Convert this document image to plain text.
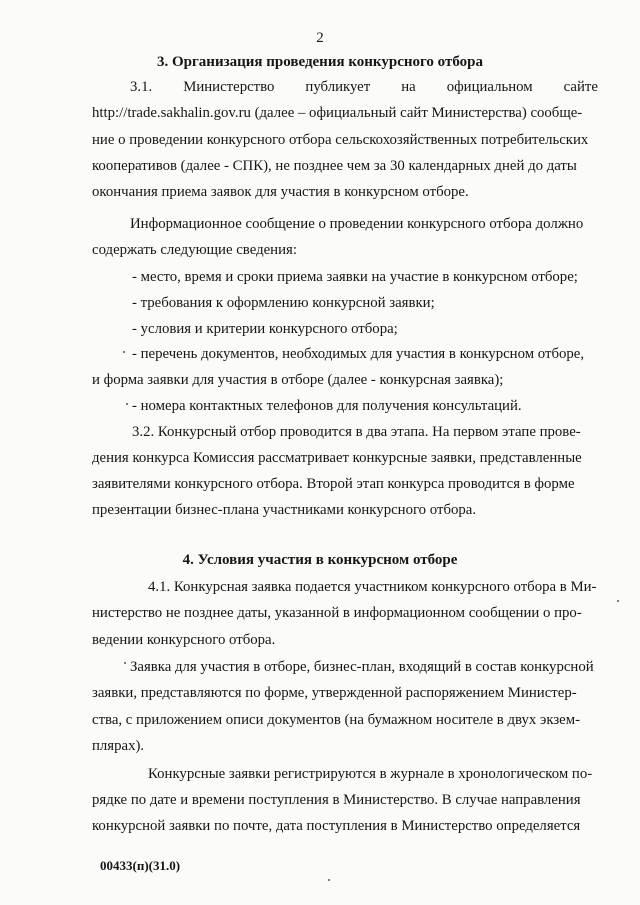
2
3. Организация проведения конкурсного отбора
3.1. Министерство публикует на официальном сайте
http://trade.sakhalin.gov.ru (далее – официальный сайт Министерства) сообще-
ние о проведении конкурсного отбора сельскохозяйственных потребительских
кооперативов (далее - СПК), не позднее чем за 30 календарных дней до даты
окончания приема заявок для участия в конкурсном отборе.
Информационное сообщение о проведении конкурсного отбора должно
содержать следующие сведения:
- место, время и сроки приема заявки на участие в конкурсном отборе;
- требования к оформлению конкурсной заявки;
- условия и критерии конкурсного отбора;
- перечень документов, необходимых для участия в конкурсном отборе,
и форма заявки для участия в отборе (далее - конкурсная заявка);
- номера контактных телефонов для получения консультаций.
3.2. Конкурсный отбор проводится в два этапа. На первом этапе прове-
дения конкурса Комиссия рассматривает конкурсные заявки, представленные
заявителями конкурсного отбора. Второй этап конкурса проводится в форме
презентации бизнес-плана участниками конкурсного отбора.
4. Условия участия в конкурсном отборе
4.1. Конкурсная заявка подается участником конкурсного отбора в Ми-
нистерство не позднее даты, указанной в информационном сообщении о про-
ведении конкурсного отбора.
Заявка для участия в отборе, бизнес-план, входящий в состав конкурсной
заявки, представляются по форме, утвержденной распоряжением Министер-
ства, с приложением описи документов (на бумажном носителе в двух экзем-
плярах).
Конкурсные заявки регистрируются в журнале в хронологическом по-
рядке по дате и времени поступления в Министерство. В случае направления
конкурсной заявки по почте, дата поступления в Министерство определяется
00433(п)(31.0)
